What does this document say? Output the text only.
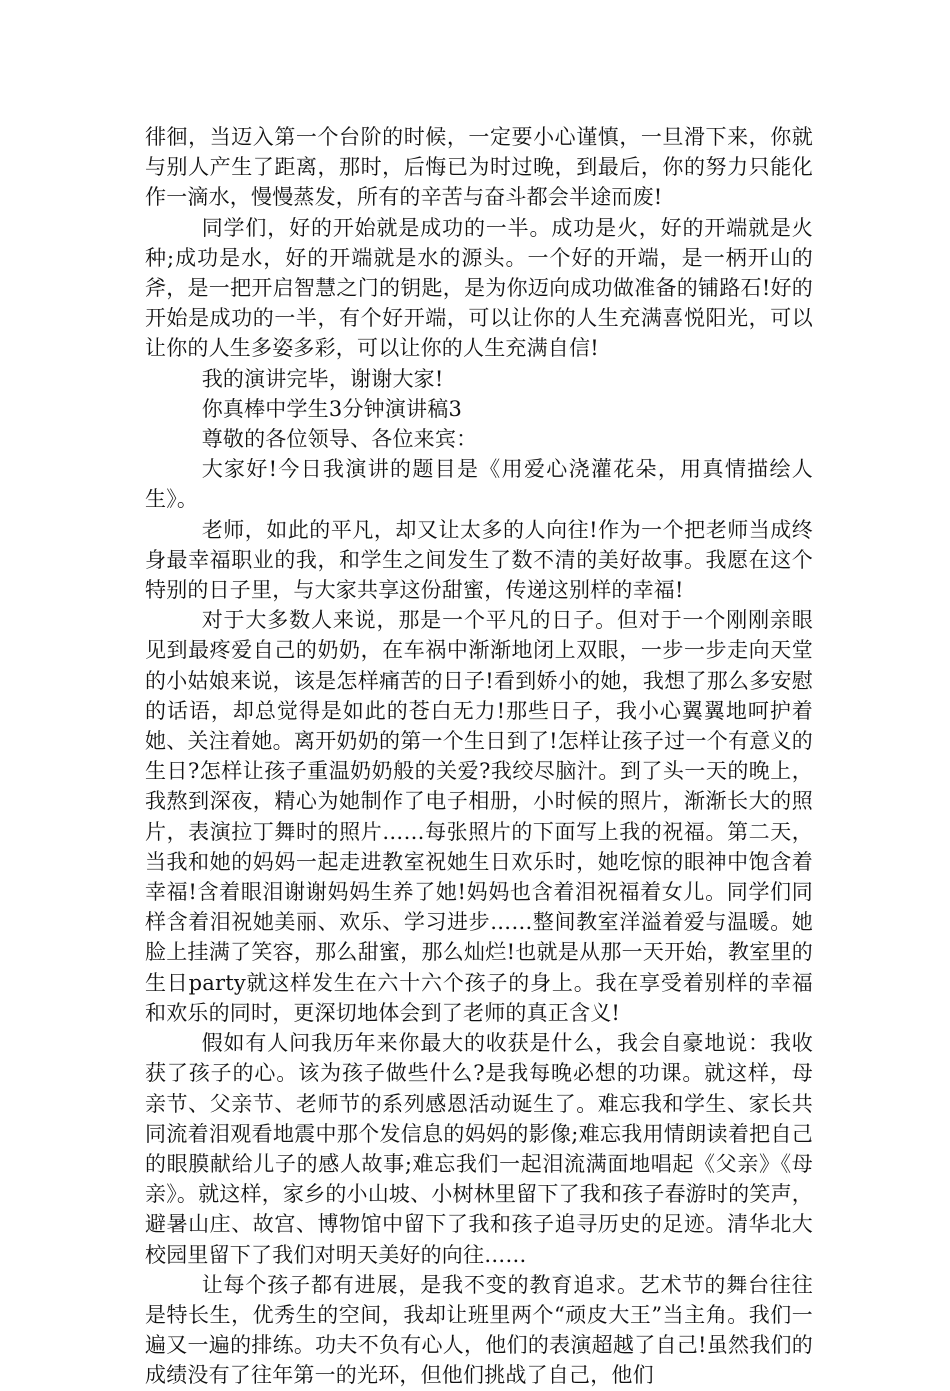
徘徊，当迈入第一个台阶的时候，一定要小心谨慎，一旦滑下来，你就与别人产生了距离，那时，后悔已为时过晚，到最后，你的努力只能化作一滴水，慢慢蒸发，所有的辛苦与奋斗都会半途而废!

同学们，好的开始就是成功的一半。成功是火，好的开端就是火种;成功是水，好的开端就是水的源头。一个好的开端，是一柄开山的斧，是一把开启智慧之门的钥匙，是为你迈向成功做准备的铺路石!好的开始是成功的一半，有个好开端，可以让你的人生充满喜悦阳光，可以让你的人生多姿多彩，可以让你的人生充满自信!

我的演讲完毕，谢谢大家!

你真棒中学生3分钟演讲稿3

尊敬的各位领导、各位来宾：

大家好!今日我演讲的题目是《用爱心浇灌花朵，用真情描绘人生》。

老师，如此的平凡，却又让太多的人向往!作为一个把老师当成终身最幸福职业的我，和学生之间发生了数不清的美好故事。我愿在这个特别的日子里，与大家共享这份甜蜜，传递这别样的幸福!

对于大多数人来说，那是一个平凡的日子。但对于一个刚刚亲眼见到最疼爱自己的奶奶，在车祸中渐渐地闭上双眼，一步一步走向天堂的小姑娘来说，该是怎样痛苦的日子!看到娇小的她，我想了那么多安慰的话语，却总觉得是如此的苍白无力!那些日子，我小心翼翼地呵护着她、关注着她。离开奶奶的第一个生日到了!怎样让孩子过一个有意义的生日?怎样让孩子重温奶奶般的关爱?我绞尽脑汁。到了头一天的晚上，我熬到深夜，精心为她制作了电子相册，小时候的照片，渐渐长大的照片，表演拉丁舞时的照片……每张照片的下面写上我的祝福。第二天，当我和她的妈妈一起走进教室祝她生日欢乐时，她吃惊的眼神中饱含着幸福!含着眼泪谢谢妈妈生养了她!妈妈也含着泪祝福着女儿。同学们同样含着泪祝她美丽、欢乐、学习进步……整间教室洋溢着爱与温暖。她脸上挂满了笑容，那么甜蜜，那么灿烂!也就是从那一天开始，教室里的生日party就这样发生在六十六个孩子的身上。我在享受着别样的幸福和欢乐的同时，更深切地体会到了老师的真正含义!

假如有人问我历年来你最大的收获是什么，我会自豪地说：我收获了孩子的心。该为孩子做些什么?是我每晚必想的功课。就这样，母亲节、父亲节、老师节的系列感恩活动诞生了。难忘我和学生、家长共同流着泪观看地震中那个发信息的妈妈的影像;难忘我用情朗读着把自己的眼膜献给儿子的感人故事;难忘我们一起泪流满面地唱起《父亲》《母亲》。就这样，家乡的小山坡、小树林里留下了我和孩子春游时的笑声，避暑山庄、故宫、博物馆中留下了我和孩子追寻历史的足迹。清华北大校园里留下了我们对明天美好的向往……

让每个孩子都有进展，是我不变的教育追求。艺术节的舞台往往是特长生，优秀生的空间，我却让班里两个“顽皮大王”当主角。我们一遍又一遍的排练。功夫不负有心人，他们的表演超越了自己!虽然我们的成绩没有了往年第一的光环，但他们挑战了自己，他们
